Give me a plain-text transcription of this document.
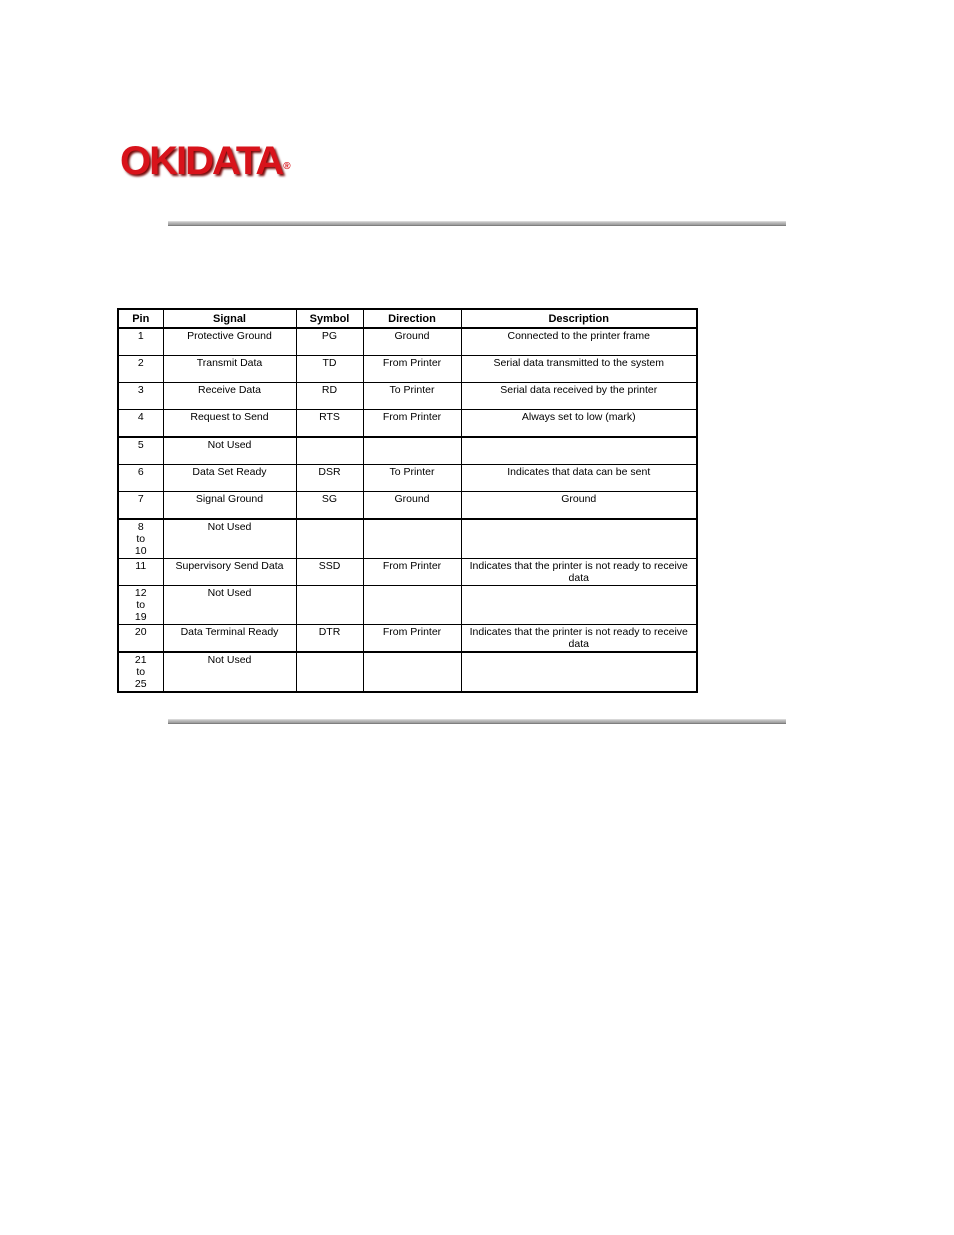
OKIDATA®
Pin	Signal	Symbol	Direction	Description
1	Protective Ground	PG	Ground	Connected to the printer frame
2	Transmit Data	TD	From Printer	Serial data transmitted to the system
3	Receive Data	RD	To Printer	Serial data received by the printer
4	Request to Send	RTS	From Printer	Always set to low (mark)
5	Not Used			
6	Data Set Ready	DSR	To Printer	Indicates that data can be sent
7	Signal Ground	SG	Ground	Ground
8
to
10	Not Used			
11	Supervisory Send Data	SSD	From Printer	Indicates that the printer is not ready to receive data
12
to
19	Not Used			
20	Data Terminal Ready	DTR	From Printer	Indicates that the printer is not ready to receive data
21
to
25	Not Used			
